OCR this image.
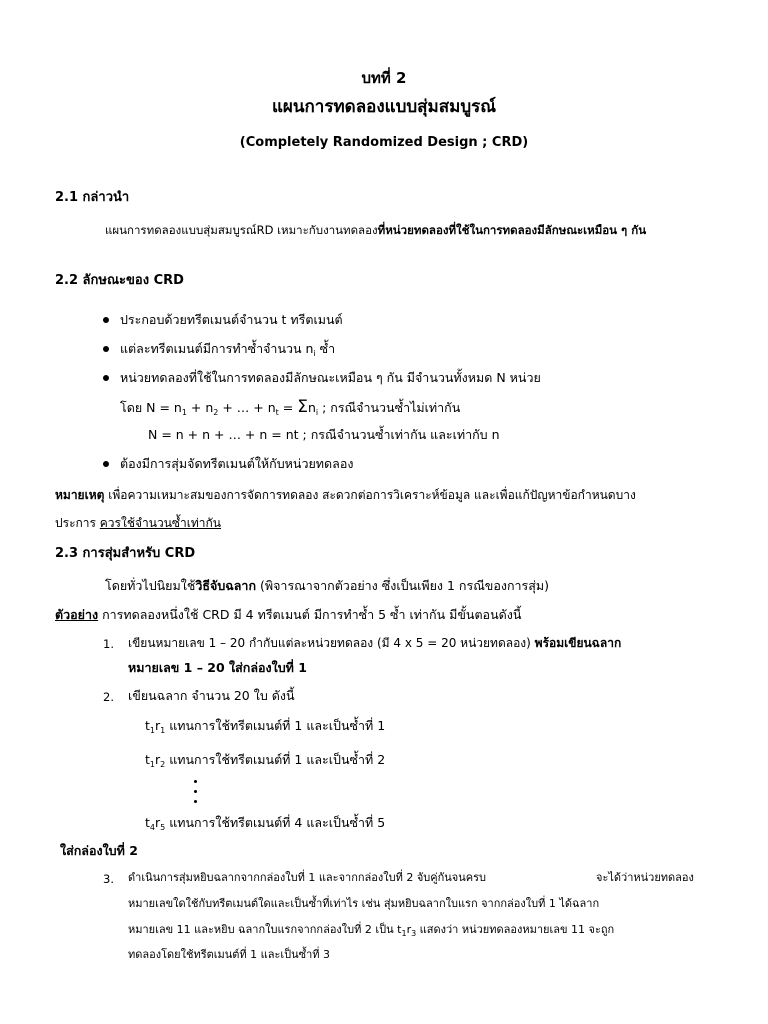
บทที่ 2
แผนการทดลองแบบสุ่มสมบูรณ์
(Completely Randomized Design ; CRD)
2.1 กล่าวนำ
แผนการทดลองแบบสุ่มสมบูรณ์RD เหมาะกับงานทดลองที่หน่วยทดลองที่ใช้ในการทดลองมีลักษณะเหมือน ๆ กัน
2.2 ลักษณะของ CRD
ประกอบด้วยทรีตเมนต์จำนวน t ทรีตเมนต์
แต่ละทรีตเมนต์มีการทำซ้ำจำนวน $n_i$ ซ้ำ
หน่วยทดลองที่ใช้ในการทดลองมีลักษณะเหมือน ๆ กัน มีจำนวนทั้งหมด N หน่วย
โดย $N = n_1 + n_2$ + … + $n_t = \Sigma n_i$ ; กรณีจำนวนซ้ำไม่เท่ากัน
N = n + n + … + n = nt ; กรณีจำนวนซ้ำเท่ากัน และเท่ากับ n
ต้องมีการสุ่มจัดทรีตเมนต์ให้กับหน่วยทดลอง
หมายเหตุ เพื่อความเหมาะสมของการจัดการทดลอง สะดวกต่อการวิเคราะห์ข้อมูล และเพื่อแก้ปัญหาข้อกำหนดบาง
ประการ ควรใช้จำนวนซ้ำเท่ากัน
2.3 การสุ่มสำหรับ CRD
โดยทั่วไปนิยมใช้วิธีจับฉลาก (พิจารณาจากตัวอย่าง ซึ่งเป็นเพียง 1 กรณีของการสุ่ม)
ตัวอย่าง การทดลองหนึ่งใช้ CRD มี 4 ทรีตเมนต์ มีการทำซ้ำ 5 ซ้ำ เท่ากัน มีขั้นตอนดังนี้
1. เขียนหมายเลข 1 – 20 กำกับแต่ละหน่วยทดลอง (มี 4 x 5 = 20 หน่วยทดลอง) พร้อมเขียนฉลาก
หมายเลข 1 – 20 ใส่กล่องใบที่ 1
2. เขียนฉลาก จำนวน 20 ใบ ดังนี้
$t_1r_1$ แทนการใช้ทรีตเมนต์ที่ 1 และเป็นซ้ำที่ 1
$t_1r_2$ แทนการใช้ทรีตเมนต์ที่ 1 และเป็นซ้ำที่ 2
$t_4r_5$ แทนการใช้ทรีตเมนต์ที่ 4 และเป็นซ้ำที่ 5
ใส่กล่องใบที่ 2
3. ดำเนินการสุ่มหยิบฉลากจากกล่องใบที่ 1 และจากกล่องใบที่ 2 จับคู่กันจนครบ	จะได้ว่าหน่วยทดลอง
หมายเลขใดใช้กับทรีตเมนต์ใดและเป็นซ้ำที่เท่าไร เช่น สุ่มหยิบฉลากใบแรก จากกล่องใบที่ 1 ได้ฉลาก
หมายเลข 11 และหยิบ ฉลากใบแรกจากกล่องใบที่ 2 เป็น $t_1r_3$ แสดงว่า หน่วยทดลองหมายเลข 11 จะถูก
ทดลองโดยใช้ทรีตเมนต์ที่ 1 และเป็นซ้ำที่ 3
